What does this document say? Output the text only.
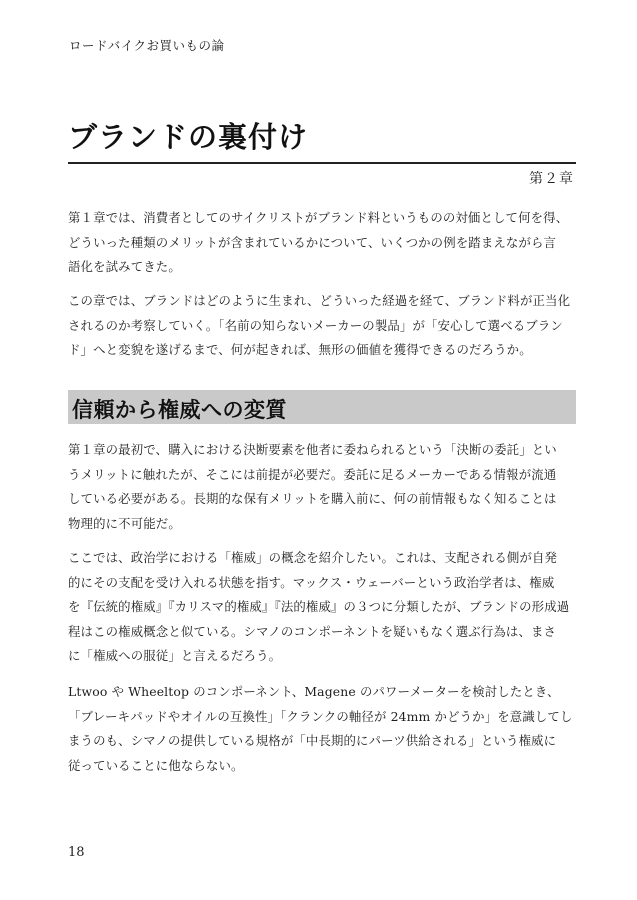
ロードバイクお買いもの論
ブランドの裏付け
第２章

第１章では、消費者としてのサイクリストがブランド料というものの対価として何を得、
どういった種類のメリットが含まれているかについて、いくつかの例を踏まえながら言
語化を試みてきた。

この章では、ブランドはどのように生まれ、どういった経過を経て、ブランド料が正当化
されるのか考察していく。「名前の知らないメーカーの製品」が「安心して選べるブラン
ド」へと変貌を遂げるまで、何が起きれば、無形の価値を獲得できるのだろうか。

信頼から権威への変質

第１章の最初で、購入における決断要素を他者に委ねられるという「決断の委託」とい
うメリットに触れたが、そこには前提が必要だ。委託に足るメーカーである情報が流通
している必要がある。長期的な保有メリットを購入前に、何の前情報もなく知ることは
物理的に不可能だ。

ここでは、政治学における「権威」の概念を紹介したい。これは、支配される側が自発
的にその支配を受け入れる状態を指す。マックス・ウェーバーという政治学者は、権威
を『伝統的権威』『カリスマ的権威』『法的権威』の３つに分類したが、ブランドの形成過
程はこの権威概念と似ている。シマノのコンポーネントを疑いもなく選ぶ行為は、まさ
に「権威への服従」と言えるだろう。

Ltwoo や Wheeltop のコンポーネント、Magene のパワーメーターを検討したとき、
「ブレーキパッドやオイルの互換性」「クランクの軸径が 24mm かどうか」を意識してし
まうのも、シマノの提供している規格が「中長期的にパーツ供給される」という権威に
従っていることに他ならない。

18
